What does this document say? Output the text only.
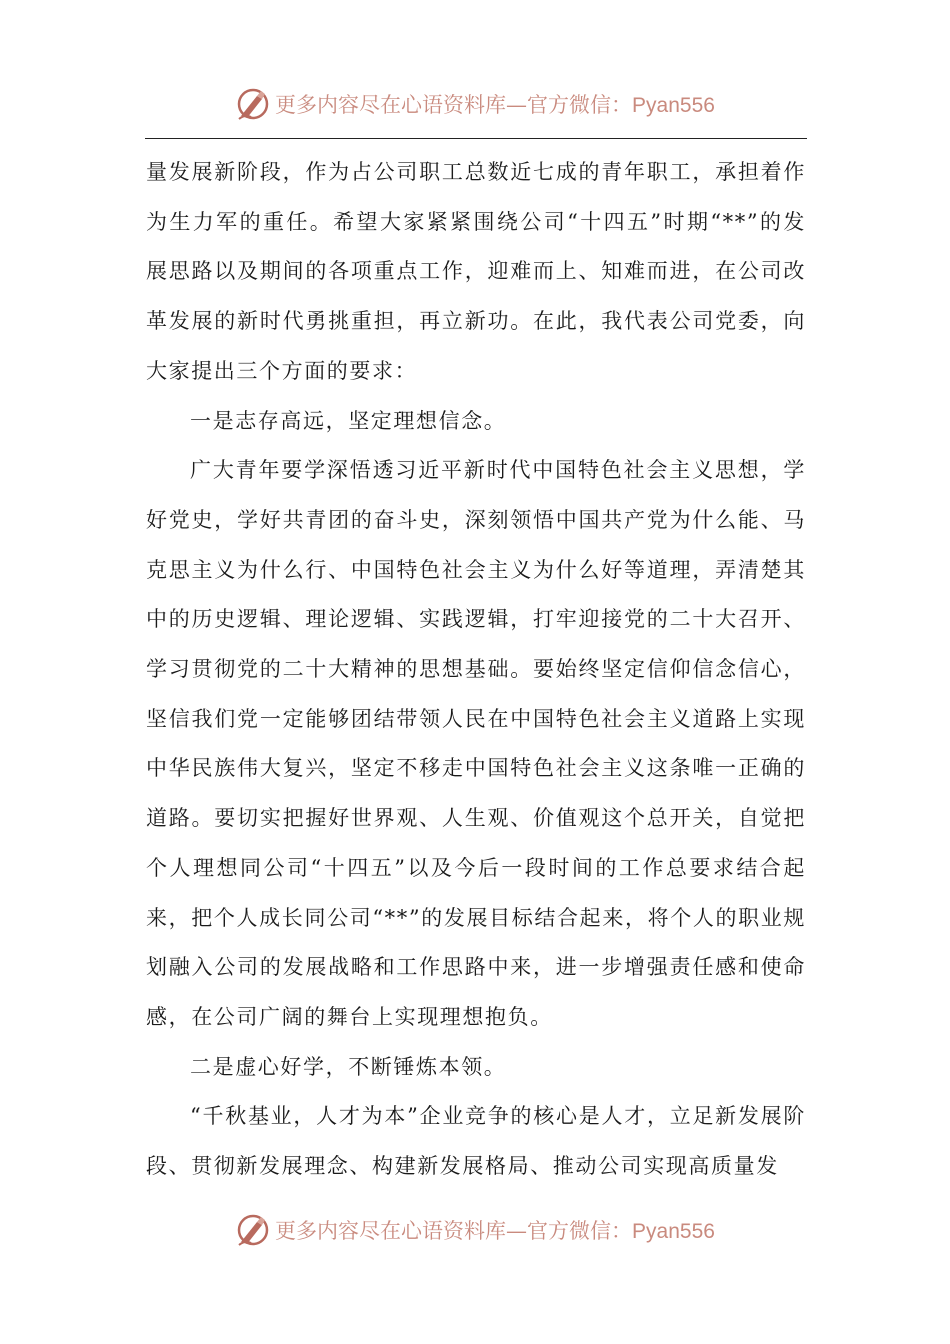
更多内容尽在心语资料库—官方微信：Pyan556

量发展新阶段，作为占公司职工总数近七成的青年职工，承担着作为生力军的重任。希望大家紧紧围绕公司“十四五”时期“**”的发展思路以及期间的各项重点工作，迎难而上、知难而进，在公司改革发展的新时代勇挑重担，再立新功。在此，我代表公司党委，向大家提出三个方面的要求：

一是志存高远，坚定理想信念。

广大青年要学深悟透习近平新时代中国特色社会主义思想，学好党史，学好共青团的奋斗史，深刻领悟中国共产党为什么能、马克思主义为什么行、中国特色社会主义为什么好等道理，弄清楚其中的历史逻辑、理论逻辑、实践逻辑，打牢迎接党的二十大召开、学习贯彻党的二十大精神的思想基础。要始终坚定信仰信念信心，坚信我们党一定能够团结带领人民在中国特色社会主义道路上实现中华民族伟大复兴，坚定不移走中国特色社会主义这条唯一正确的道路。要切实把握好世界观、人生观、价值观这个总开关，自觉把个人理想同公司“十四五”以及今后一段时间的工作总要求结合起来，把个人成长同公司“**”的发展目标结合起来，将个人的职业规划融入公司的发展战略和工作思路中来，进一步增强责任感和使命感，在公司广阔的舞台上实现理想抱负。

二是虚心好学，不断锤炼本领。

“千秋基业，人才为本”企业竞争的核心是人才，立足新发展阶段、贯彻新发展理念、构建新发展格局、推动公司实现高质量发

更多内容尽在心语资料库—官方微信：Pyan556
